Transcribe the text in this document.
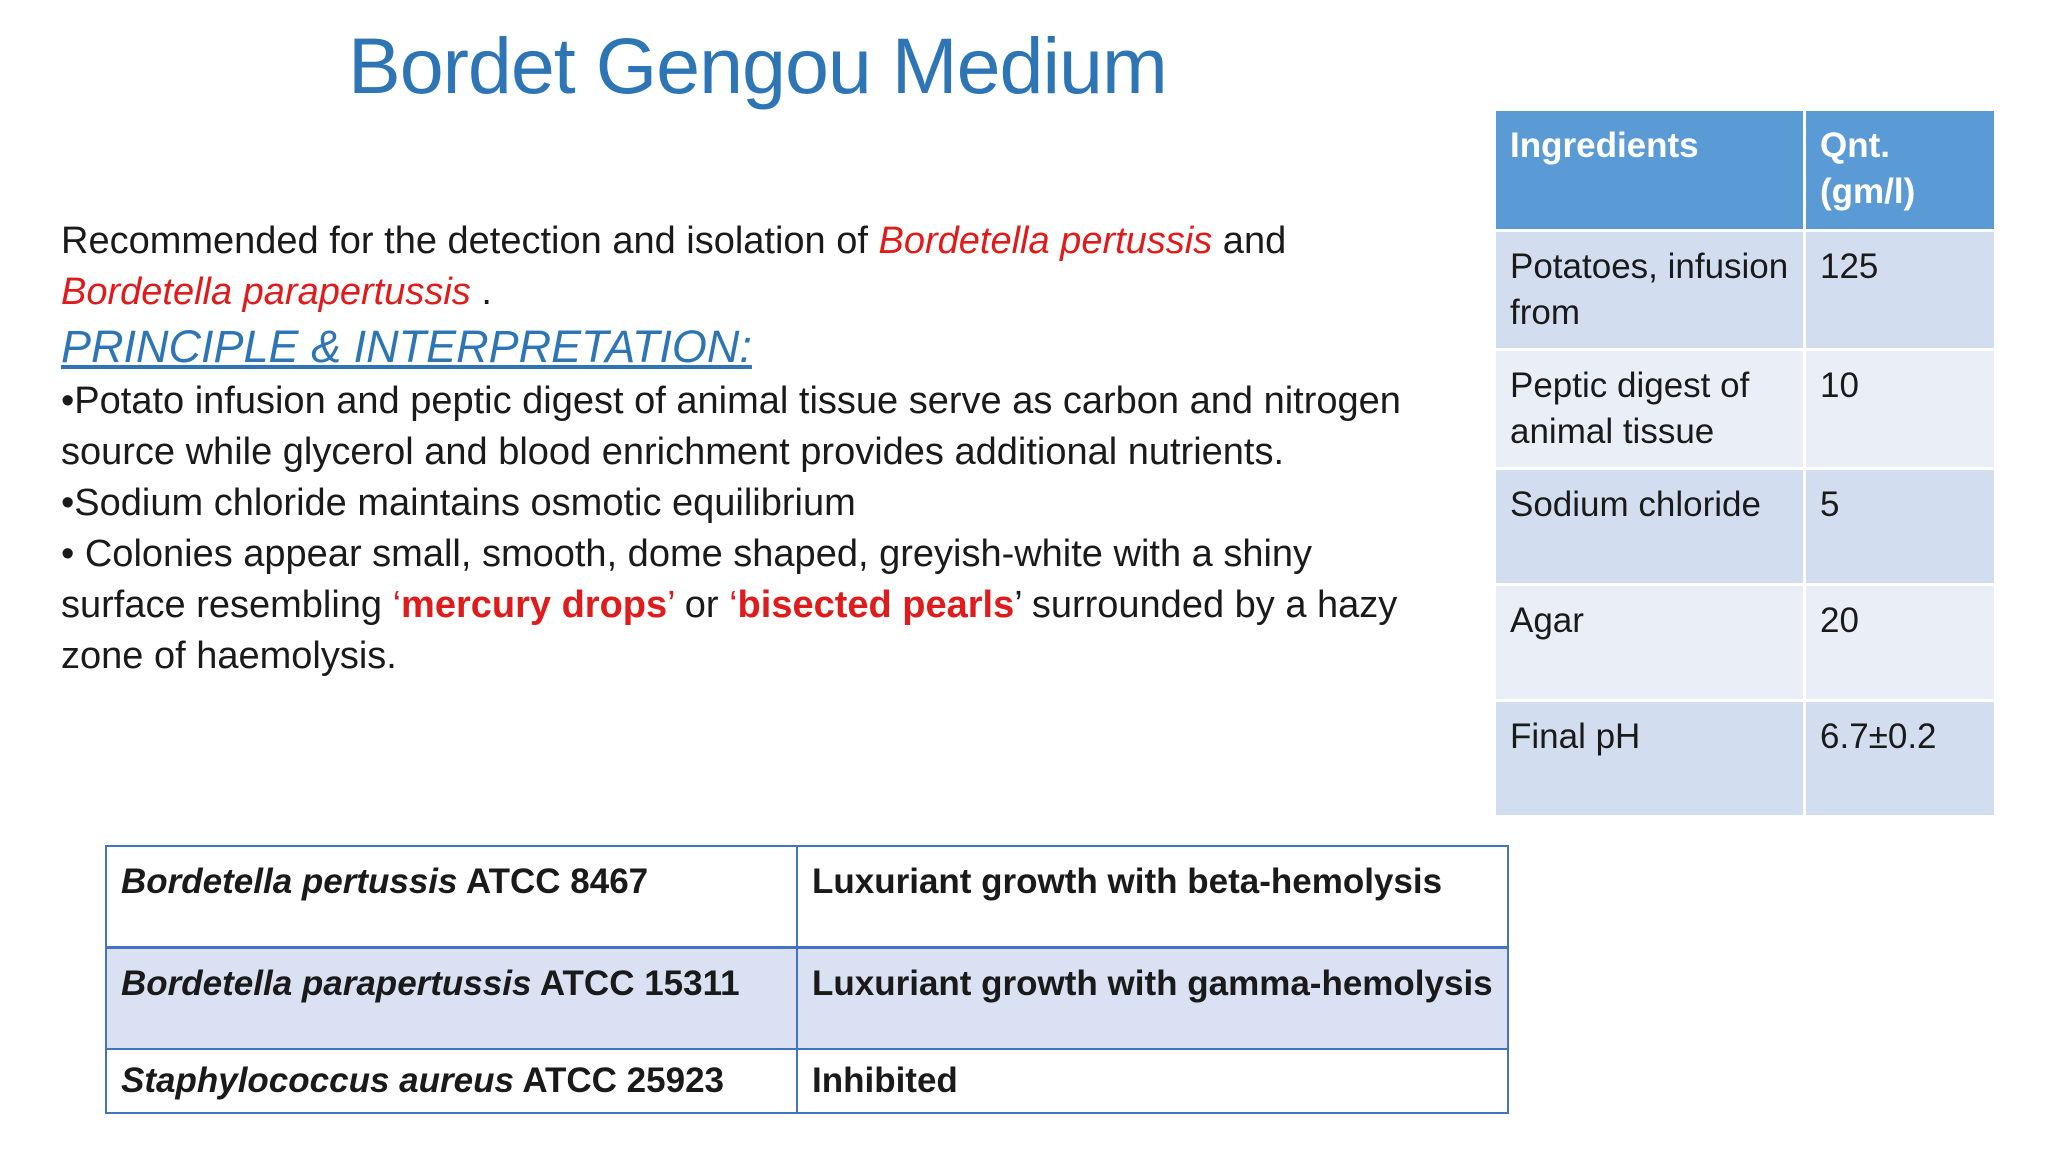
Bordet Gengou Medium

Recommended for the detection and isolation of Bordetella pertussis and
Bordetella parapertussis .

PRINCIPLE & INTERPRETATION:

•Potato infusion and peptic digest of animal tissue serve as carbon and nitrogen source while glycerol and blood enrichment provides additional nutrients.

•Sodium chloride maintains osmotic equilibrium

• Colonies appear small, smooth, dome shaped, greyish-white with a shiny surface resembling ‘mercury drops’ or ‘bisected pearls’ surrounded by a hazy zone of haemolysis.

Ingredients	Qnt. (gm/l)
Potatoes, infusion from	125
Peptic digest of animal tissue	10
Sodium chloride	5
Agar	20
Final pH	6.7±0.2
Bordetella pertussis ATCC 8467	Luxuriant growth with beta-hemolysis
Bordetella parapertussis ATCC 15311	Luxuriant growth with gamma-hemolysis
Staphylococcus aureus ATCC 25923	Inhibited
